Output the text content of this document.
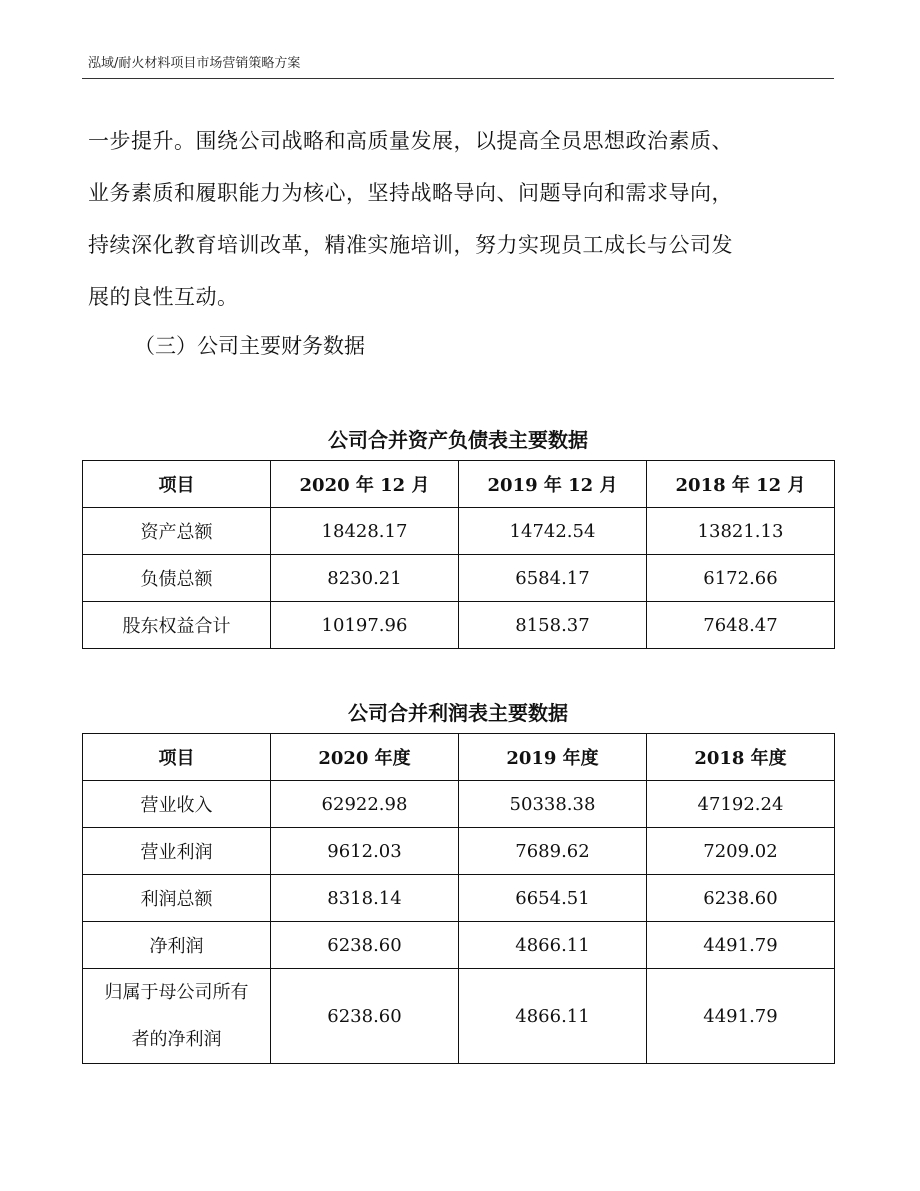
泓域/耐火材料项目市场营销策略方案

一步提升。围绕公司战略和高质量发展，以提高全员思想政治素质、

业务素质和履职能力为核心，坚持战略导向、问题导向和需求导向，

持续深化教育培训改革，精准实施培训，努力实现员工成长与公司发

展的良性互动。

（三）公司主要财务数据
公司合并资产负债表主要数据
项目	2020 年 12 月	2019 年 12 月	2018 年 12 月
资产总额	18428.17	14742.54	13821.13
负债总额	8230.21	6584.17	6172.66
股东权益合计	10197.96	8158.37	7648.47
公司合并利润表主要数据
项目	2020 年度	2019 年度	2018 年度
营业收入	62922.98	50338.38	47192.24
营业利润	9612.03	7689.62	7209.02
利润总额	8318.14	6654.51	6238.60
净利润	6238.60	4866.11	4491.79

归属于母公司所有
者的净利润	6238.60	4866.11	4491.79
